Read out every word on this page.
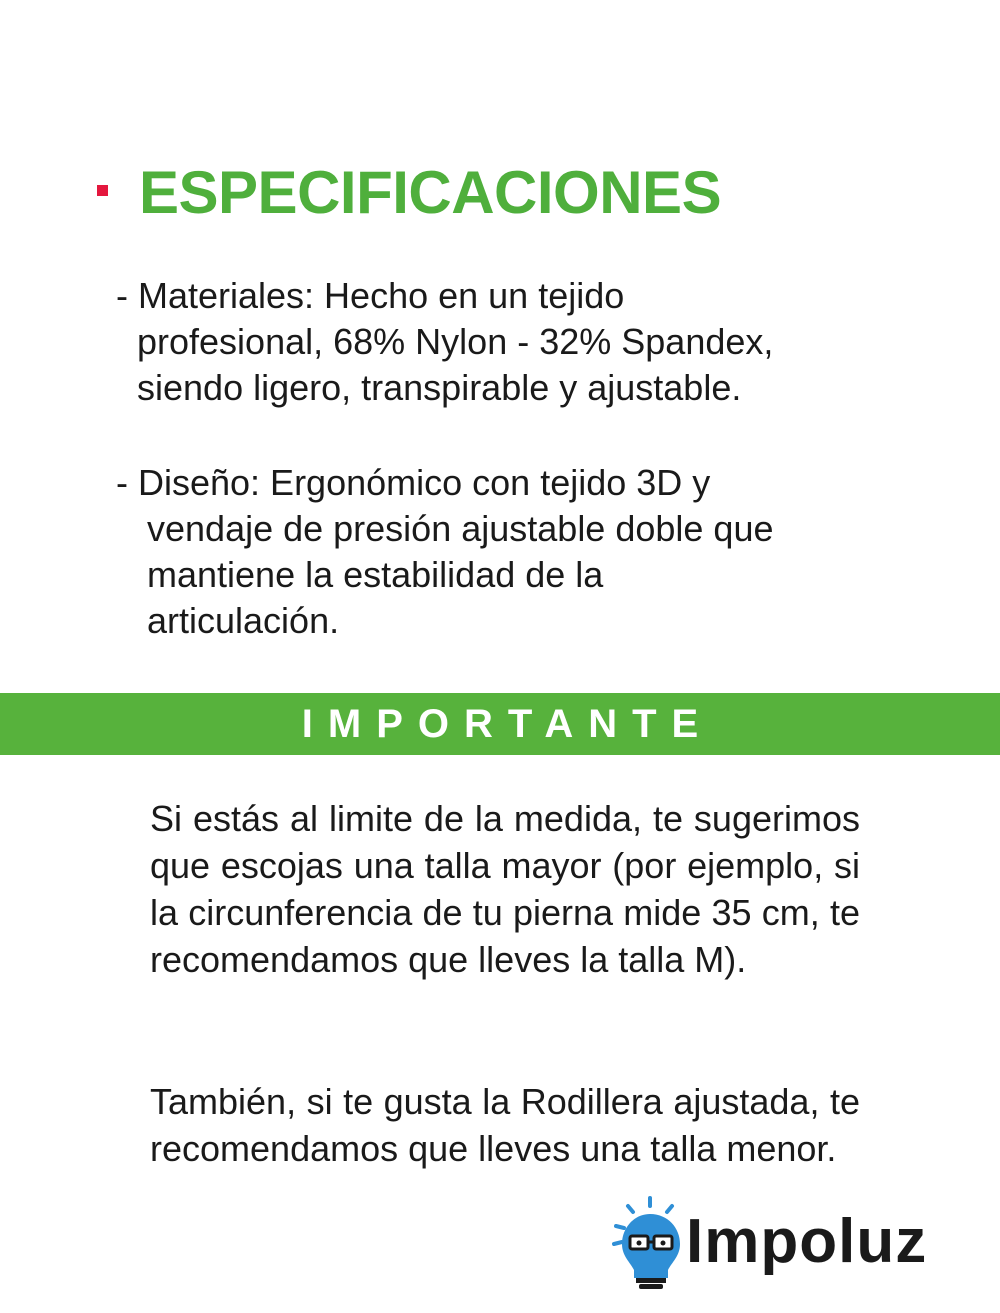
ESPECIFICACIONES
- Materiales: Hecho en un tejido
profesional, 68% Nylon - 32% Spandex,
siendo ligero, transpirable y ajustable.
- Diseño: Ergonómico con tejido 3D y
vendaje de presión ajustable doble que
mantiene la estabilidad de la
articulación.
IMPORTANTE

Si estás al limite de la medida, te sugerimos que escojas una talla mayor (por ejemplo, si la circunferencia de tu pierna mide 35 cm, te recomendamos que lleves la talla M).

También, si te gusta la Rodillera ajustada, te recomendamos que lleves una talla menor.

Impoluz
